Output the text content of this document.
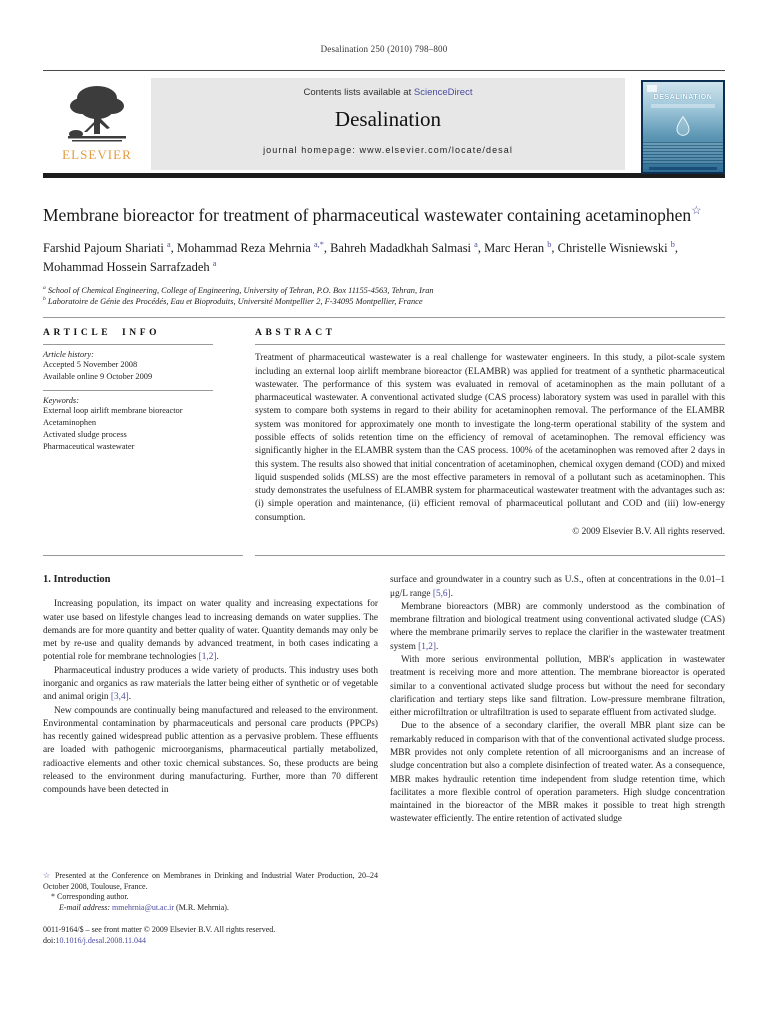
Desalination 250 (2010) 798–800
ELSEVIER
Contents lists available at ScienceDirect
Desalination
journal homepage: www.elsevier.com/locate/desal
DESALINATION
Membrane bioreactor for treatment of pharmaceutical wastewater containing acetaminophen☆
Farshid Pajoum Shariati $^a$, Mohammad Reza Mehrnia $^{a,*}$, Bahreh Madadkhah Salmasi $^a$, Marc Heran $^b$, Christelle Wisniewski $^b$, Mohammad Hossein Sarrafzadeh $^a$
$^a$ School of Chemical Engineering, College of Engineering, University of Tehran, P.O. Box 11155-4563, Tehran, Iran
$^b$ Laboratoire de Génie des Procédés, Eau et Bioproduits, Université Montpellier 2, F-34095 Montpellier, France
ARTICLE INFO
Article history:
Accepted 5 November 2008
Available online 9 October 2009
Keywords:
External loop airlift membrane bioreactor
Acetaminophen
Activated sludge process
Pharmaceutical wastewater
ABSTRACT
Treatment of pharmaceutical wastewater is a real challenge for wastewater engineers. In this study, a pilot-scale system including an external loop airlift membrane bioreactor (ELAMBR) was applied for treatment of a synthetic pharmaceutical wastewater. The performance of this system was evaluated in removal of acetaminophen as the main pollutant of a pharmaceutical wastewater. A conventional activated sludge (CAS process) laboratory system was used in parallel with this system to compare both systems in regard to their ability for acetaminophen removal. The performance of the ELAMBR system was monitored for approximately one month to investigate the long-term operational stability of the system and possible effects of solids retention time on the efficiency of removal of acetaminophen. The removal efficiency was significantly higher in the ELAMBR system than the CAS process. 100% of the acetaminophen was removed after 2 days in this system. The results also showed that initial concentration of acetaminophen, chemical oxygen demand (COD) and mixed liquid suspended solids (MLSS) are the most effective parameters in removal of a pollutant such as acetaminophen. This study demonstrates the usefulness of ELAMBR system for pharmaceutical wastewater treatment with the advantages such as: (i) simple operation and maintenance, (ii) efficient removal of pharmaceutical pollutant and COD and (iii) low-energy consumption.
© 2009 Elsevier B.V. All rights reserved.
1. Introduction

Increasing population, its impact on water quality and increasing expectations for water use based on lifestyle changes lead to increasing demands on water supplies. The demands are for more quantity and better quality of water. Quantity demands may only be met by re-use and quality demands by advanced treatment, in both cases indicating a potential role for membrane technologies [1,2].

Pharmaceutical industry produces a wide variety of products. This industry uses both inorganic and organics as raw materials the latter being either of synthetic or of vegetable and animal origin [3,4].

New compounds are continually being manufactured and released to the environment. Environmental contamination by pharmaceuticals and personal care products (PPCPs) has recently gained widespread public attention as a pervasive problem. These effluents are loaded with pathogenic microorganisms, pharmaceutical partially metabolized, radioactive elements and other toxic chemical substances. So, these products are being released to the environment during manufacturing. Further, more than 70 different compounds have been detected in

☆ Presented at the Conference on Membranes in Drinking and Industrial Water Production, 20–24 October 2008, Toulouse, France.
* Corresponding author.
E-mail address: mmehrnia@ut.ac.ir (M.R. Mehrnia).
0011-9164/$ – see front matter © 2009 Elsevier B.V. All rights reserved.
doi:10.1016/j.desal.2008.11.044

surface and groundwater in a country such as U.S., often at concentrations in the 0.01–1 μg/L range [5,6].

Membrane bioreactors (MBR) are commonly understood as the combination of membrane filtration and biological treatment using conventional activated sludge (CAS) where the membrane primarily serves to replace the clarifier in the wastewater treatment system [1,2].

With more serious environmental pollution, MBR's application in wastewater treatment is receiving more and more attention. The membrane bioreactor is operated similar to a conventional activated sludge process but without the need for secondary clarification and tertiary steps like sand filtration. Low-pressure membrane filtration, either microfiltration or ultrafiltration is used to separate effluent from activated sludge.

Due to the absence of a secondary clarifier, the overall MBR plant size can be remarkably reduced in comparison with that of the conventional activated sludge process. MBR provides not only complete retention of all microorganisms and an increase of sludge concentration but also a complete disinfection of treated water. As a consequence, MBR makes hydraulic retention time independent from sludge retention time, which facilitates a more flexible control of operation parameters. High sludge concentration maintained in the bioreactor of the MBR makes it possible to treat high strength wastewater efficiently. The entire retention of activated sludge
